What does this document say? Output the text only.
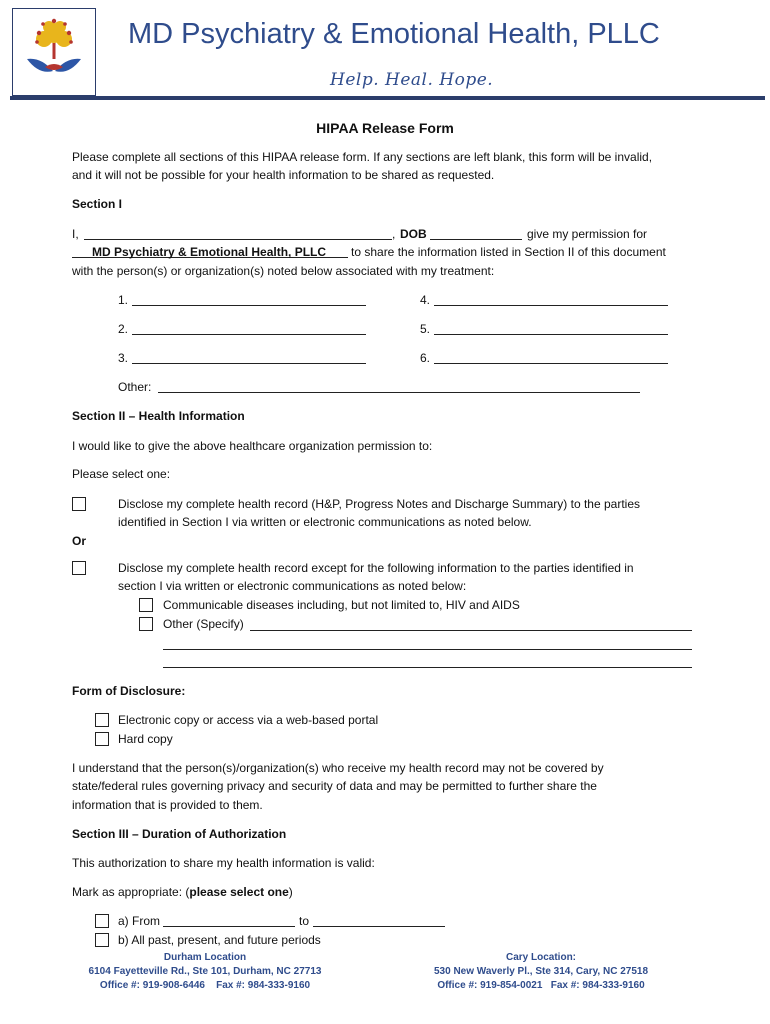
MD Psychiatry & Emotional Health, PLLC
Help. Heal. Hope.
HIPAA Release Form
Please complete all sections of this HIPAA release form. If any sections are left blank, this form will be invalid,
and it will not be possible for your health information to be shared as requested.
Section I
I,	, DOB	give my permission for
MD Psychiatry & Emotional Health, PLLC to share the information listed in Section II of this document
with the person(s) or organization(s) noted below associated with my treatment:
1.	4.
2.	5.
3.	6.
Other:
Section II – Health Information
I would like to give the above healthcare organization permission to:
Please select one:
Disclose my complete health record (H&P, Progress Notes and Discharge Summary) to the parties
identified in Section I via written or electronic communications as noted below.
Or
Disclose my complete health record except for the following information to the parties identified in
section I via written or electronic communications as noted below:
Communicable diseases including, but not limited to, HIV and AIDS
Other (Specify)
Form of Disclosure:
Electronic copy or access via a web-based portal
Hard copy
I understand that the person(s)/organization(s) who receive my health record may not be covered by
state/federal rules governing privacy and security of data and may be permitted to further share the
information that is provided to them.
Section III – Duration of Authorization
This authorization to share my health information is valid:
Mark as appropriate: (please select one)
a) From	to
b) All past, present, and future periods
Durham Location
6104 Fayetteville Rd., Ste 101, Durham, NC 27713
Office #: 919-908-6446    Fax #: 984-333-9160
Cary Location:
530 New Waverly Pl., Ste 314, Cary, NC 27518
Office #: 919-854-0021   Fax #: 984-333-9160
